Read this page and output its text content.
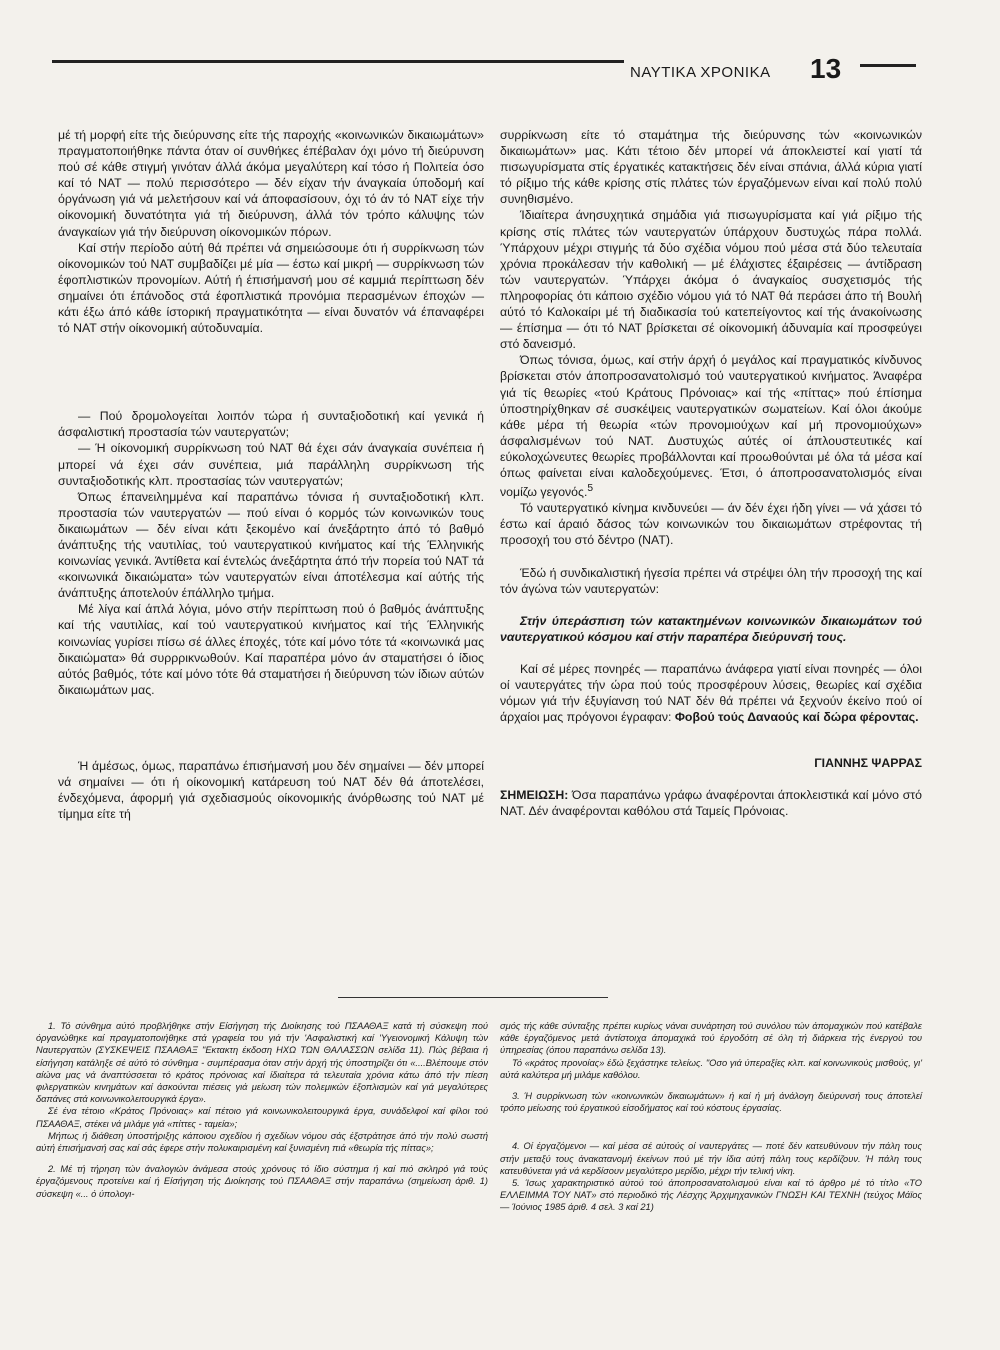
ΝΑΥΤΙΚΑ ΧΡΟΝΙΚΑ 13

μέ τή μορφή είτε τής διεύρυνσης είτε τής παροχής «κοινωνικών δικαιωμάτων» πραγματοποιήθηκε πάντα όταν οί συνθήκες έπέβαλαν όχι μόνο τή διεύρυνση πού σέ κάθε στιγμή γινόταν άλλά άκόμα μεγαλύτερη καί τόσο ή Πολιτεία όσο καί τό ΝΑΤ — πολύ περισσότερο — δέν είχαν τήν άναγκαία ύποδομή καί όργάνωση γιά νά μελετήσουν καί νά άποφασίσουν, όχι τό άν τό ΝΑΤ είχε τήν οίκονομική δυνατότητα γιά τή διεύρυνση, άλλά τόν τρόπο κάλυψης τών άναγκαίων γιά τήν διεύρυνση οίκονομικών πόρων.

Καί στήν περίοδο αύτή θά πρέπει νά σημειώσουμε ότι ή συρρίκνωση τών οίκονομικών τού ΝΑΤ συμβαδίζει μέ μία — έστω καί μικρή — συρρίκνωση τών έφοπλιστικών προνομίων. Αύτή ή έπισήμανσή μου σέ καμμιά περίπτωση δέν σημαίνει ότι έπάνοδος στά έφοπλιστικά προνόμια περασμένων έποχών — κάτι έξω άπό κάθε ίστορική πραγματικότητα — είναι δυνατόν νά έπαναφέρει τό ΝΑΤ στήν οίκονομική αύτοδυναμία.

— Πού δρομολογείται λοιπόν τώρα ή συνταξιοδοτική καί γενικά ή άσφαλιστική προστασία τών ναυτεργατών;

— Ή οίκονομική συρρίκνωση τού ΝΑΤ θά έχει σάν άναγκαία συνέπεια ή μπορεί νά έχει σάν συνέπεια, μιά παράλληλη συρρίκνωση τής συνταξιοδοτικής κλπ. προστασίας τών ναυτεργατών;

Όπως έπανειλημμένα καί παραπάνω τόνισα ή συνταξιοδοτική κλπ. προστασία τών ναυτεργατών — πού είναι ό κορμός τών κοινωνικών τους δικαιωμάτων — δέν είναι κάτι ξεκομένο καί άνεξάρτητο άπό τό βαθμό άνάπτυξης τής ναυτιλίας, τού ναυτεργατικού κινήματος καί τής Έλληνικής κοινωνίας γενικά. Άντίθετα καί έντελώς άνεξάρτητα άπό τήν πορεία τού ΝΑΤ τά «κοινωνικά δικαιώματα» τών ναυτεργατών είναι άποτέλεσμα καί αύτής τής άνάπτυξης άποτελούν έπάλληλο τμήμα.

Μέ λίγα καί άπλά λόγια, μόνο στήν περίπτωση πού ό βαθμός άνάπτυξης καί τής ναυτιλίας, καί τού ναυτεργατικού κινήματος καί τής Έλληνικής κοινωνίας γυρίσει πίσω σέ άλλες έποχές, τότε καί μόνο τότε τά «κοινωνικά μας δικαιώματα» θά συρρρικνωθούν. Καί παραπέρα μόνο άν σταματήσει ό ίδιος αύτός βαθμός, τότε καί μόνο τότε θά σταματήσει ή διεύρυνση τών ίδιων αύτών δικαιωμάτων μας.

Ή άμέσως, όμως, παραπάνω έπισήμανσή μου δέν σημαίνει — δέν μπορεί νά σημαίνει — ότι ή οίκονομική κατάρευση τού ΝΑΤ δέν θά άποτελέσει, ένδεχόμενα, άφορμή γιά σχεδιασμούς οίκονομικής άνόρθωσης τού ΝΑΤ μέ τίμημα είτε τή

συρρίκνωση είτε τό σταμάτημα τής διεύρυνσης τών «κοινωνικών δικαιωμάτων» μας. Κάτι τέτοιο δέν μπορεί νά άποκλειστεί καί γιατί τά πισωγυρίσματα στίς έργατικές κατακτήσεις δέν είναι σπάνια, άλλά κύρια γιατί τό ρίξιμο τής κάθε κρίσης στίς πλάτες τών έργαζόμενων είναι καί πολύ πολύ συνηθισμένο.

Ίδιαίτερα άνησυχητικά σημάδια γιά πισωγυρίσματα καί γιά ρίξιμο τής κρίσης στίς πλάτες τών ναυτεργατών ύπάρχουν δυστυχώς πάρα πολλά. Ύπάρχουν μέχρι στιγμής τά δύο σχέδια νόμου πού μέσα στά δύο τελευταία χρόνια προκάλεσαν τήν καθολική — μέ έλάχιστες έξαιρέσεις — άντίδραση τών ναυτεργατών. Ύπάρχει άκόμα ό άναγκαίος συσχετισμός τής πληροφορίας ότι κάποιο σχέδιο νόμου γιά τό ΝΑΤ θά περάσει άπο τή Βουλή αύτό τό Καλοκαίρι μέ τή διαδικασία τού κατεπείγοντος καί τής άνακοίνωσης — έπίσημα — ότι τό ΝΑΤ βρίσκεται σέ οίκονομική άδυναμία καί προσφεύγει στό δανεισμό.

Όπως τόνισα, όμως, καί στήν άρχή ό μεγάλος καί πραγματικός κίνδυνος βρίσκεται στόν άποπροσανατολισμό τού ναυτεργατικού κινήματος. Άναφέρα γιά τίς θεωρίες «τού Κράτους Πρόνοιας» καί τής «πίττας» πού έπίσημα ύποστηρίχθηκαν σέ συσκέψεις ναυτεργατικών σωματείων. Καί όλοι άκούμε κάθε μέρα τή θεωρία «τών προνομιούχων καί μή προνομιούχων» άσφαλισμένων τού ΝΑΤ. Δυστυχώς αύτές οί άπλουστευτικές καί εύκολοχώνευτες θεωρίες προβάλλονται καί προωθούνται μέ όλα τά μέσα καί όπως φαίνεται είναι καλοδεχούμενες. Έτσι, ό άποπροσανατολισμός είναι νομίζω γεγονός.$^5$

Τό ναυτεργατικό κίνημα κινδυνεύει — άν δέν έχει ήδη γίνει — νά χάσει τό έστω καί άραιό δάσος τών κοινωνικών του δικαιωμάτων στρέφοντας τή προσοχή του στό δέντρο (ΝΑΤ).

Έδώ ή συνδικαλιστική ήγεσία πρέπει νά στρέψει όλη τήν προσοχή της καί τόν άγώνα τών ναυτεργατών:

Στήν ύπεράσπιση τών κατακτημένων κοινωνικών δικαιωμάτων τού ναυτεργατικού κόσμου καί στήν παραπέρα διεύρυνσή τους.

Καί σέ μέρες πονηρές — παραπάνω άνάφερα γιατί είναι πονηρές — όλοι οί ναυτεργάτες τήν ώρα πού τούς προσφέρουν λύσεις, θεωρίες καί σχέδια νόμων γιά τήν έξυγίανση τού ΝΑΤ δέν θά πρέπει νά ξεχνούν έκείνο πού οί άρχαίοι μας πρόγονοι έγραφαν: Φοβού τούς Δαναούς καί δώρα φέροντας.

ΓΙΑΝΝΗΣ ΨΑΡΡΑΣ

ΣΗΜΕΙΩΣΗ: Όσα παραπάνω γράφω άναφέρονται άποκλειστικά καί μόνο στό ΝΑΤ. Δέν άναφέρονται καθόλου στά Ταμείς Πρόνοιας.

1. Τό σύνθημα αύτό προβλήθηκε στήν Είσήγηση τής Διοίκησης τού ΠΣΑΑΘΑΞ κατά τή σύσκεψη πού όργανώθηκε καί πραγματοποιήθηκε στά γραφεία του γιά τήν 'Ασφαλιστική καί 'Υγειονομική Κάλυψη τών Ναυτεργατών (ΣΥΣΚΕΨΕΙΣ ΠΣΑΑΘΑΞ "Εκτακτη έκδοση ΗΧΩ ΤΩΝ ΘΑΛΑΣΣΩΝ σελίδα 11). Πώς βέβαια ή είσήγηση κατάληξε σέ αύτό τό σύνθημα - συμπέρασμα όταν στήν άρχή τής ύποστηρίζει ότι «....Βλέπουμε στόν αίώνα μας νά άναπτύσσεται τό κράτος πρόνοιας καί ίδιαίτερα τά τελευταία χρόνια κάτω άπό τήν πίεση φιλεργατικών κινημάτων καί άσκούνται πιέσεις γιά μείωση τών πολεμικών έξοπλισμών καί γιά μεγαλύτερες δαπάνες στά κοινωνικολειτουργικά έργα».

Σέ ένα τέτοιο «Κράτος Πρόνοιας» καί πέτοιο γιά κοινωνικολειτουργικά έργα, συνάδελφοί καί φίλοι τού ΠΣΑΑΘΑΞ, στέκει νά μιλάμε γιά «πίττες - ταμεία»;

Μήπως ή διάθεση ύποστήριξης κάποιου σχεδίου ή σχεδίων νόμου σάς έξστράτησε άπό τήν πολύ σωστή αύτή έπισήμανσή σας καί σάς έφερε στήν πολυκαιρισμένη καί ξυνισμένη πιά «θεωρία τής πίττας»;

2. Μέ τή τήρηση τών άναλογιών άνάμεσα στούς χρόνους τό ίδιο σύστημα ή καί πιό σκληρό γιά τούς έργαζόμενους προτείνει καί ή Είσήγηση τής Διοίκησης τού ΠΣΑΑΘΑΞ στήν παραπάνω (σημείωση άριθ. 1) σύσκεψη «... ό ύπολογι-

σμός τής κάθε σύνταξης πρέπει κυρίως νάναι συνάρτηση τού συνόλου τών άπομαχικών πού κατέβαλε κάθε έργαζόμενος μετά άντίστοιχα άπομαχικά τού έργοδότη σέ όλη τή διάρκεια τής ένεργού του ύπηρεσίας (όπου παραπάνω σελίδα 13).

Τό «κράτος προνοίας» έδώ ξεχάστηκε τελείως. "Οσο γιά ύπεραξίες κλπ. καί κοινωνικούς μισθούς, γι' αύτά καλύτερα μή μιλάμε καθόλου.

3. Ή συρρίκνωση τών «κοινωνικών δικαιωμάτων» ή καί ή μή άνάλογη διεύρυνσή τους άποτελεί τρόπο μείωσης τού έργατικού είσοδήματος καί τού κόστους έργασίας.

4. Οί έργαζόμενοι — καί μέσα σέ αύτούς οί ναυτεργάτες — ποτέ δέν κατευθύνουν τήν πάλη τους στήν μεταξύ τους άνακατανομή έκείνων πού μέ τήν ίδια αύτή πάλη τους κερδίζουν. Ή πάλη τους κατευθύνεται γιά νά κερδίσουν μεγαλύτερο μερίδιο, μέχρι τήν τελική νίκη.

5. Ίσως χαρακτηριστικό αύτού τού άποπροσανατολισμού είναι καί τό άρθρο μέ τό τίτλο «ΤΟ ΕΛΛΕΙΜΜΑ ΤΟΥ ΝΑΤ» στό περιοδικό τής Λέσχης Άρχιμηχανικών ΓΝΩΣΗ ΚΑΙ ΤΕΧΝΗ (τεύχος Μάϊος — Ίούνιος 1985 άριθ. 4 σελ. 3 καί 21)
